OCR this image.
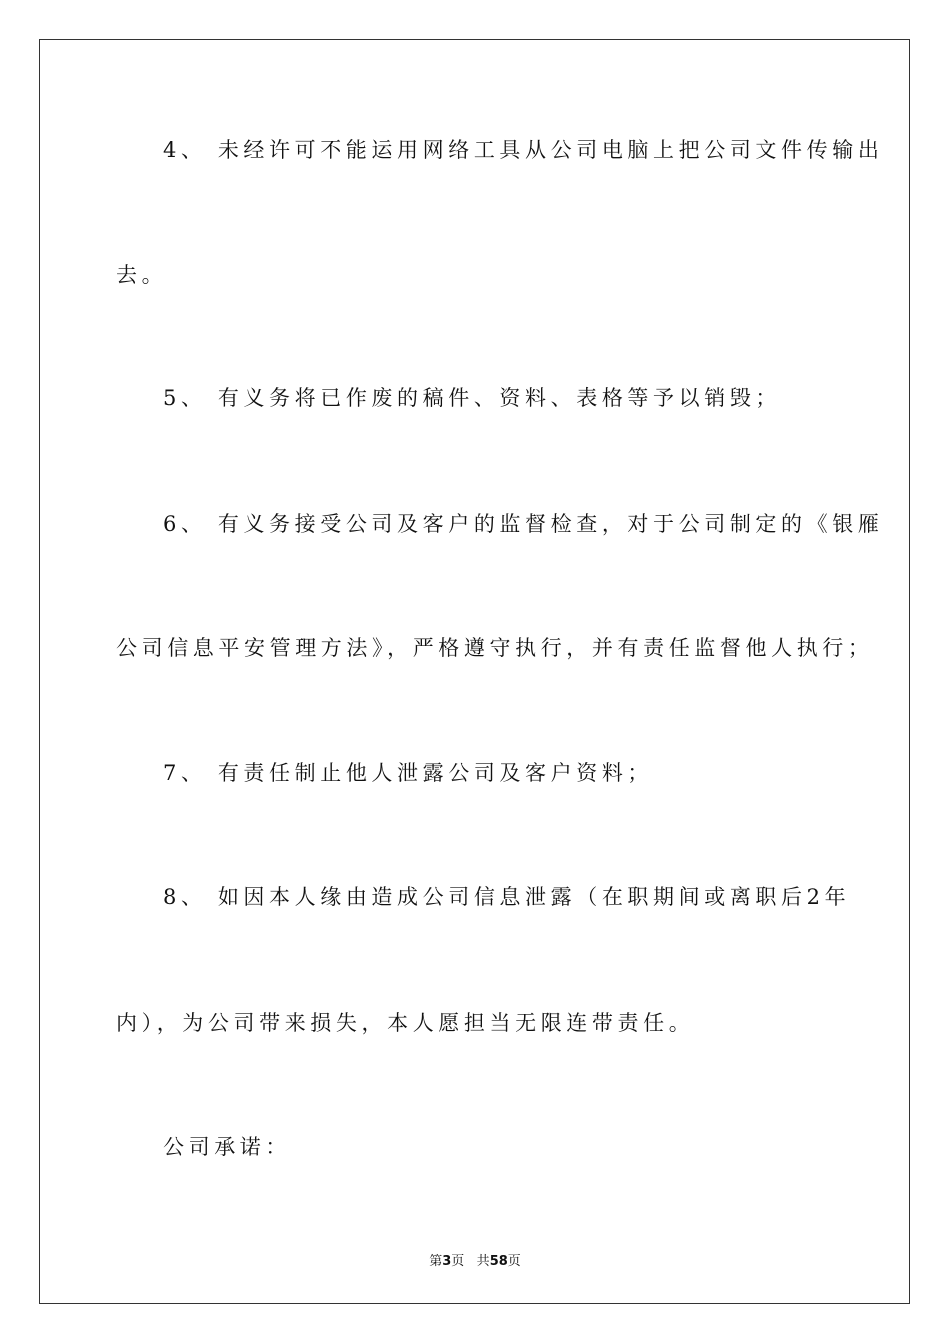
4、 未经许可不能运用网络工具从公司电脑上把公司文件传输出
去。
5、 有义务将已作废的稿件、资料、表格等予以销毁；
6、 有义务接受公司及客户的监督检查，对于公司制定的《银雁
公司信息平安管理方法》，严格遵守执行，并有责任监督他人执行；
7、 有责任制止他人泄露公司及客户资料；
8、 如因本人缘由造成公司信息泄露（在职期间或离职后2年
内），为公司带来损失，本人愿担当无限连带责任。
公司承诺：
第3页 共58页
